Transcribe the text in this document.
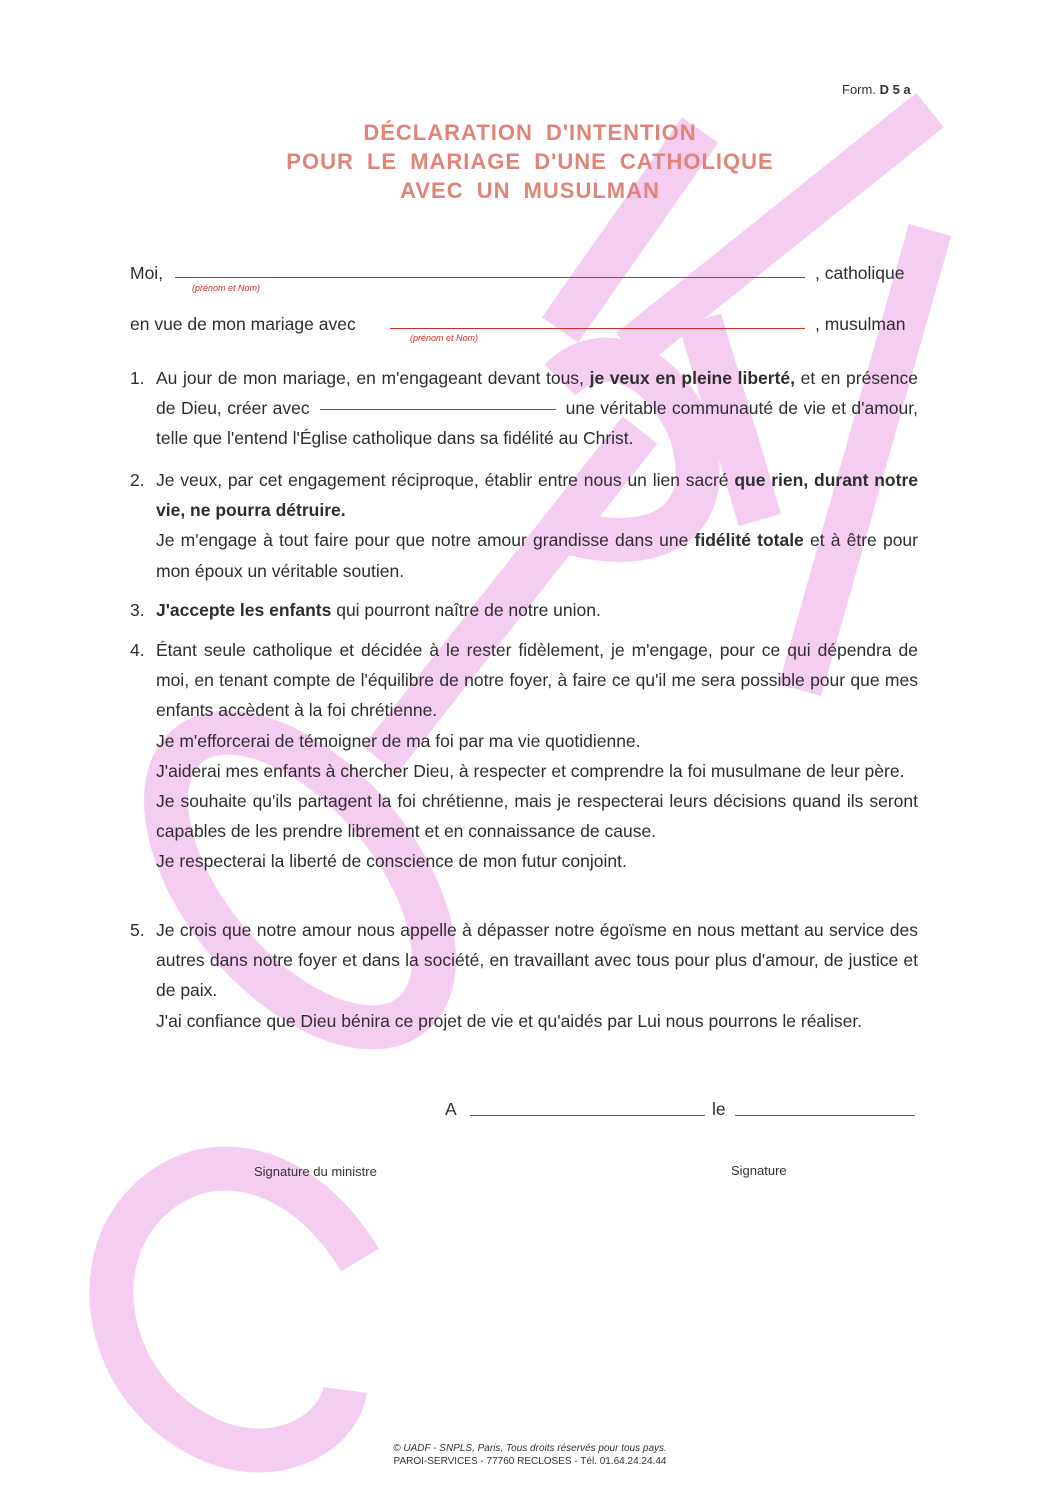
Form. D 5 a
DÉCLARATION D'INTENTION
POUR LE MARIAGE D'UNE CATHOLIQUE
AVEC UN MUSULMAN
Moi,
(prénom et Nom)
, catholique
en vue de mon mariage avec
(prénom et Nom)
, musulman
1. Au jour de mon mariage, en m'engageant devant tous, je veux en pleine liberté, et en présence de Dieu, créer avec	une véritable communauté de vie et d'amour, telle que l'entend l'Église catholique dans sa fidélité au Christ.
2. Je veux, par cet engagement réciproque, établir entre nous un lien sacré que rien, durant notre vie, ne pourra détruire.

Je m'engage à tout faire pour que notre amour grandisse dans une fidélité totale et à être pour mon époux un véritable soutien.

3. J'accepte les enfants qui pourront naître de notre union.
4. Étant seule catholique et décidée à le rester fidèlement, je m'engage, pour ce qui dépendra de moi, en tenant compte de l'équilibre de notre foyer, à faire ce qu'il me sera possible pour que mes enfants accèdent à la foi chrétienne.

Je m'efforcerai de témoigner de ma foi par ma vie quotidienne.

J'aiderai mes enfants à chercher Dieu, à respecter et comprendre la foi musulmane de leur père.

Je souhaite qu'ils partagent la foi chrétienne, mais je respecterai leurs décisions quand ils seront capables de les prendre librement et en connaissance de cause.

Je respecterai la liberté de conscience de mon futur conjoint.

5. Je crois que notre amour nous appelle à dépasser notre égoïsme en nous mettant au service des autres dans notre foyer et dans la société, en travaillant avec tous pour plus d'amour, de justice et de paix.

J'ai confiance que Dieu bénira ce projet de vie et qu'aidés par Lui nous pourrons le réaliser.

A	le
Signature du ministre	Signature
© UADF - SNPLS, Paris, Tous droits réservés pour tous pays.
PAROI-SERVICES - 77760 RECLOSES - Tél. 01.64.24.24.44
